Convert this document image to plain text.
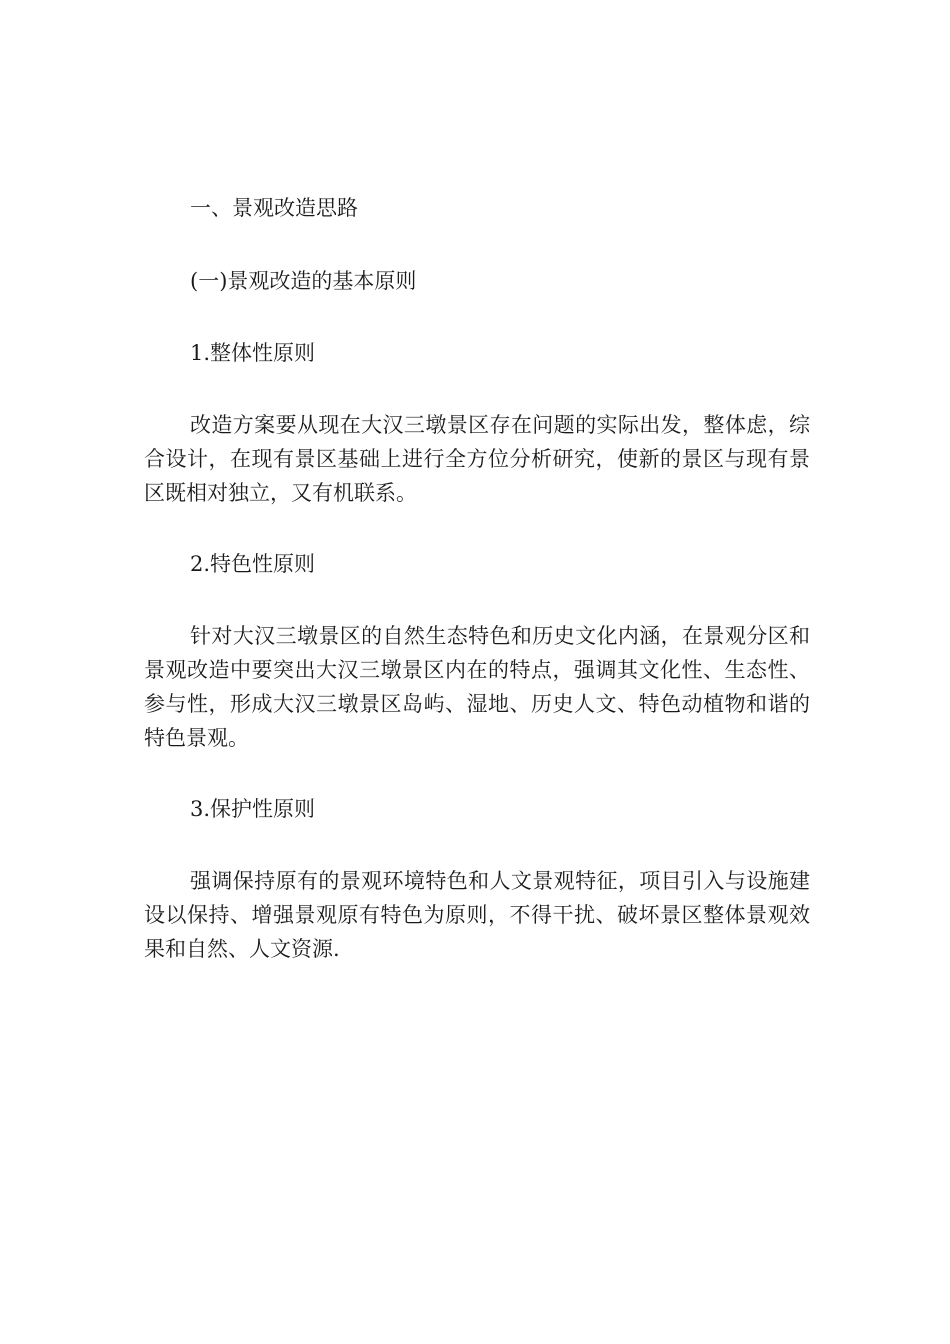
一、景观改造思路
(一)景观改造的基本原则
1.整体性原则

改造方案要从现在大汉三墩景区存在问题的实际出发，整体虑，综合设计，在现有景区基础上进行全方位分析研究，使新的景区与现有景区既相对独立，又有机联系。

2.特色性原则

针对大汉三墩景区的自然生态特色和历史文化内涵，在景观分区和景观改造中要突出大汉三墩景区内在的特点，强调其文化性、生态性、参与性，形成大汉三墩景区岛屿、湿地、历史人文、特色动植物和谐的特色景观。

3.保护性原则

强调保持原有的景观环境特色和人文景观特征，项目引入与设施建设以保持、增强景观原有特色为原则，不得干扰、破坏景区整体景观效果和自然、人文资源.
